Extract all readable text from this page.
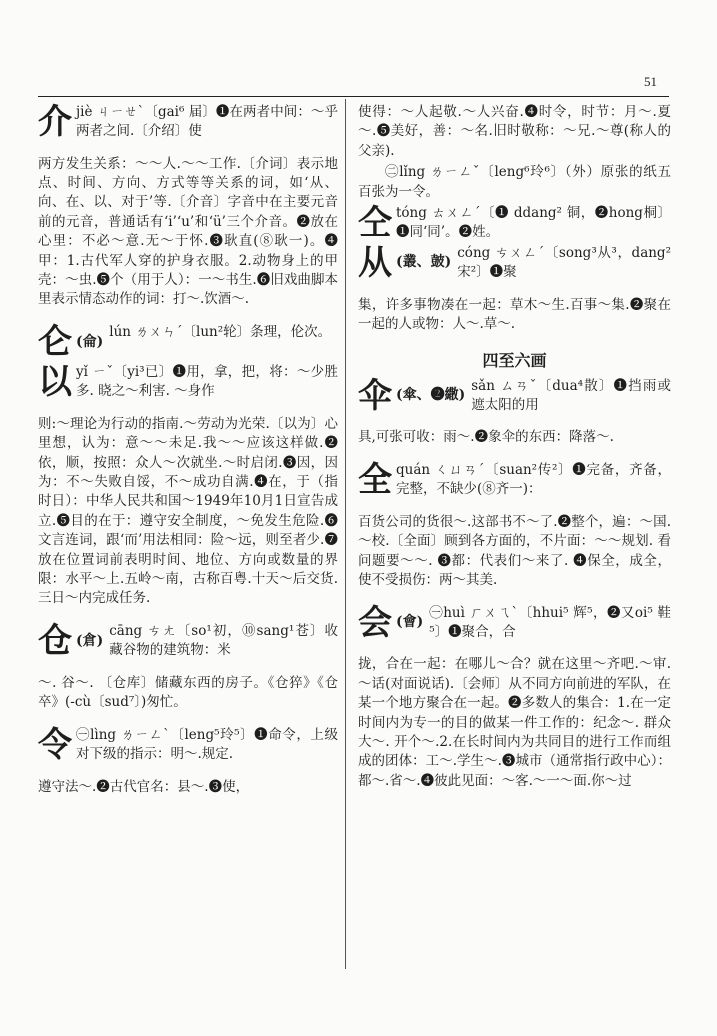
51
介 jiè ㄐㄧㄝˋ〔gai⁶ 届〕❶在两者中间：～乎两者之间.〔介绍〕使

两方发生关系：～～人.～～工作.〔介词〕表示地点、时间、方向、方式等等关系的词，如‘从、向、在、以、对于’等.〔介音〕字音中在主要元音前的元音，普通话有‘i’‘u’和‘ü’三个介音。❷放在心里：不必～意.无～于怀.❸耿直(⑧耿一)。❹甲：1.古代军人穿的护身衣服。2.动物身上的甲壳：～虫.❺个（用于人）：一～书生.❻旧戏曲脚本里表示情态动作的词：打～.饮酒～.

仑 (侖)
lún ㄌㄨㄣˊ〔lun²轮〕条理，伦次。
以 yǐ ㄧˇ〔yi³已〕❶用，拿，把，将：～少胜多. 晓之～利害. ～身作

则:～理论为行动的指南.～劳动为光荣.〔以为〕心里想，认为：意～～未足.我～～应该这样做.❷依，顺，按照：众人～次就坐.～时启闭.❸因，因为：不～失败自馁，不～成功自满.❹在，于（指时日）：中华人民共和国～1949年10月1日宣告成立.❺目的在于：遵守安全制度，～免发生危险.❻文言连词，跟‘而’用法相同：险～远，则至者少.❼放在位置词前表明时间、地位、方向或数量的界限：水平～上.五岭～南，古称百粤.十天～后交货.三日～内完成任务.

仓 (倉)
cāng ㄘㄤ〔so¹初，⑩sang¹苍〕收藏谷物的建筑物：米

～. 谷～. 〔仓库〕储藏东西的房子。《仓猝》《仓卒》(-cù〔sud⁷〕)匆忙。

令 ㊀lìng ㄌㄧㄥˋ〔leng⁵玲⁵〕❶命令，上级对下级的指示：明～.规定.

遵守法～.❷古代官名：县～.❸使，

使得：～人起敬.～人兴奋.❹时令，时节：月～.夏～.❺美好，善：～名.旧时敬称：～兄.～尊(称人的父亲).

㊁lǐng ㄌㄧㄥˇ〔leng⁶玲⁶〕（外）原张的纸五百张为一令。

仝 tóng ㄊㄨㄥˊ〔❶ ddang² 铜，❷hong桐〕❶同‘同’。❷姓。
从 (叢、皷)
cóng ㄘㄨㄥˊ〔song³从³，dang²宋²〕❶聚

集，许多事物凑在一起：草木～生.百事～集.❷聚在一起的人或物：人～.草～.

四至六画
伞 (傘、❷繖)
sǎn ㄙㄢˇ〔dua⁴散〕❶挡雨或遮太阳的用

具,可张可收：雨～.❷象伞的东西：降落～.

全 quán ㄑㄩㄢˊ〔suan²传²〕❶完备，齐备，完整，不缺少(⑧齐一)：

百货公司的货很～.这部书不～了.❷整个，遍：～国.～校.〔全面〕顾到各方面的，不片面：～～规划. 看问题要～～. ❸都：代表们～来了. ❹保全，成全，使不受损伤：两～其美.

会 (會)
㊀huì ㄏㄨㄟˋ〔hhui⁵ 辉⁵，❷又oi⁵ 鞋⁵〕❶聚合，合

拢，合在一起：在哪儿～合？就在这里～齐吧.～审.～话(对面说话).〔会师〕从不同方向前进的军队，在某一个地方聚合在一起。❷多数人的集合：1.在一定时间内为专一的目的做某一件工作的：纪念～. 群众大～. 开个～.2.在长时间内为共同目的进行工作而组成的团体：工～.学生～.❸城市（通常指行政中心）：都～.省～.❹彼此见面：～客.～一～面.你～过
